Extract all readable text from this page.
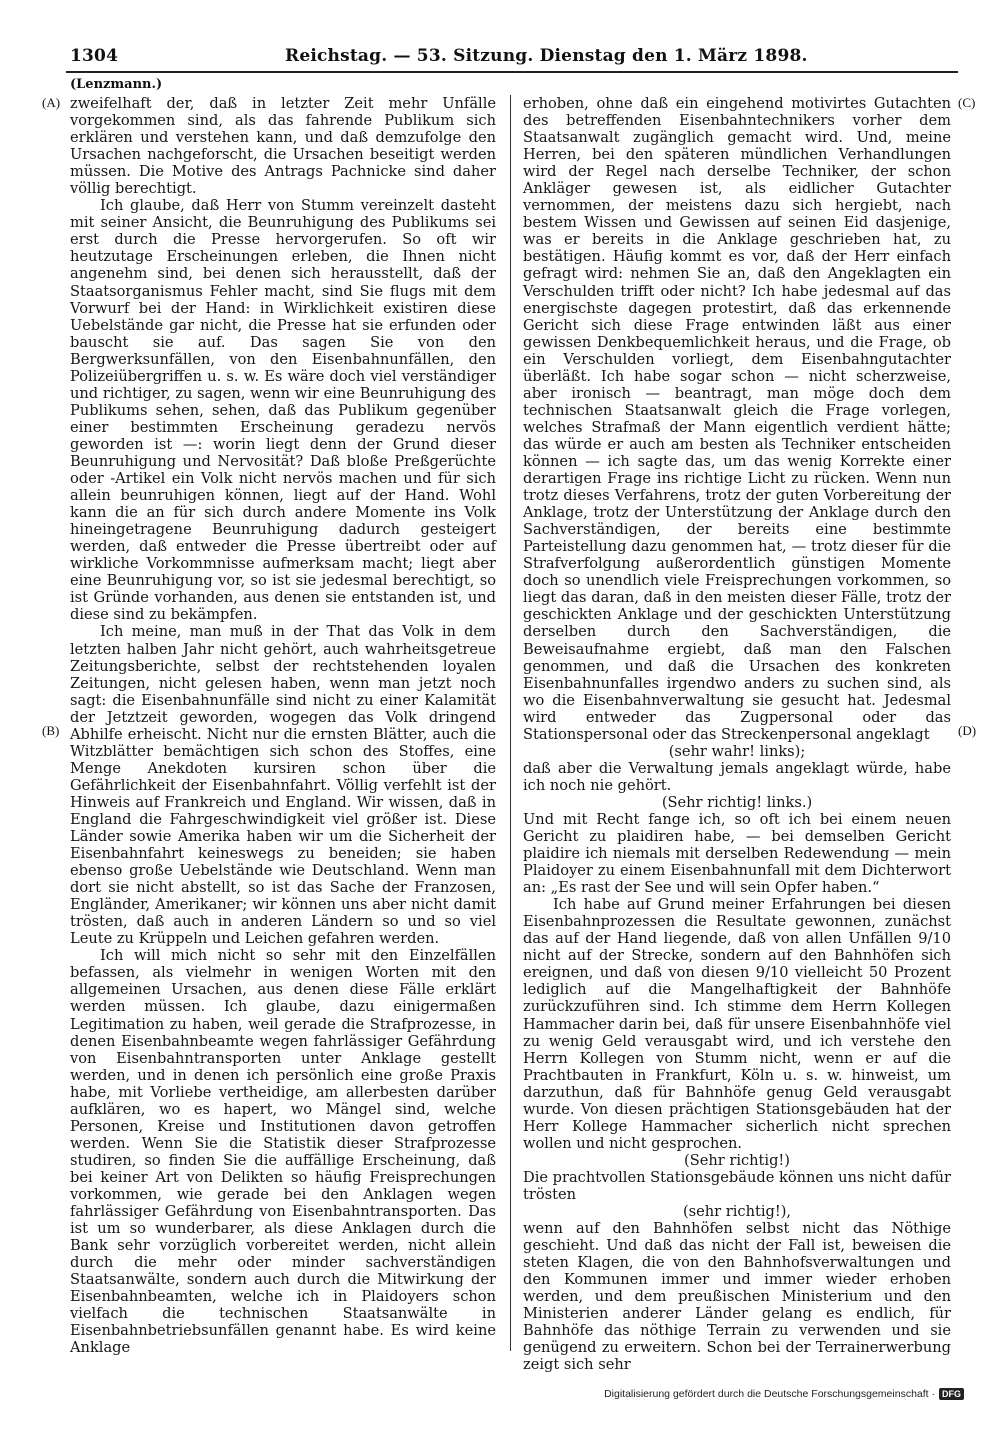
1304	Reichstag. — 53. Sitzung. Dienstag den 1. März 1898.
(Lenzmann.)
(A)
(B)
(C)
(D)

zweifelhaft der, daß in letzter Zeit mehr Unfälle vorgekommen sind, als das fahrende Publikum sich erklären und verstehen kann, und daß demzufolge den Ursachen nachgeforscht, die Ursachen beseitigt werden müssen. Die Motive des Antrags Pachnicke sind daher völlig berechtigt.

Ich glaube, daß Herr von Stumm vereinzelt dasteht mit seiner Ansicht, die Beunruhigung des Publikums sei erst durch die Presse hervorgerufen. So oft wir heutzutage Erscheinungen erleben, die Ihnen nicht angenehm sind, bei denen sich herausstellt, daß der Staatsorganismus Fehler macht, sind Sie flugs mit dem Vorwurf bei der Hand: in Wirklichkeit existiren diese Uebelstände gar nicht, die Presse hat sie erfunden oder bauscht sie auf. Das sagen Sie von den Bergwerksunfällen, von den Eisenbahnunfällen, den Polizeiübergriffen u. s. w. Es wäre doch viel verständiger und richtiger, zu sagen, wenn wir eine Beunruhigung des Publikums sehen, sehen, daß das Publikum gegenüber einer bestimmten Erscheinung geradezu nervös geworden ist —: worin liegt denn der Grund dieser Beunruhigung und Nervosität? Daß bloße Preßgerüchte oder -Artikel ein Volk nicht nervös machen und für sich allein beunruhigen können, liegt auf der Hand. Wohl kann die an für sich durch andere Momente ins Volk hineingetragene Beunruhigung dadurch gesteigert werden, daß entweder die Presse übertreibt oder auf wirkliche Vorkommnisse aufmerksam macht; liegt aber eine Beunruhigung vor, so ist sie jedesmal berechtigt, so ist Gründe vorhanden, aus denen sie entstanden ist, und diese sind zu bekämpfen.

Ich meine, man muß in der That das Volk in dem letzten halben Jahr nicht gehört, auch wahrheitsgetreue Zeitungsberichte, selbst der rechtstehenden loyalen Zeitungen, nicht gelesen haben, wenn man jetzt noch sagt: die Eisenbahnunfälle sind nicht zu einer Kalamität der Jetztzeit geworden, wogegen das Volk dringend Abhilfe erheischt. Nicht nur die ernsten Blätter, auch die Witzblätter bemächtigen sich schon des Stoffes, eine Menge Anekdoten kursiren schon über die Gefährlichkeit der Eisenbahnfahrt. Völlig verfehlt ist der Hinweis auf Frankreich und England. Wir wissen, daß in England die Fahrgeschwindigkeit viel größer ist. Diese Länder sowie Amerika haben wir um die Sicherheit der Eisenbahnfahrt keineswegs zu beneiden; sie haben ebenso große Uebelstände wie Deutschland. Wenn man dort sie nicht abstellt, so ist das Sache der Franzosen, Engländer, Amerikaner; wir können uns aber nicht damit trösten, daß auch in anderen Ländern so und so viel Leute zu Krüppeln und Leichen gefahren werden.

Ich will mich nicht so sehr mit den Einzelfällen befassen, als vielmehr in wenigen Worten mit den allgemeinen Ursachen, aus denen diese Fälle erklärt werden müssen. Ich glaube, dazu einigermaßen Legitimation zu haben, weil gerade die Strafprozesse, in denen Eisenbahnbeamte wegen fahrlässiger Gefährdung von Eisenbahntransporten unter Anklage gestellt werden, und in denen ich persönlich eine große Praxis habe, mit Vorliebe vertheidige, am allerbesten darüber aufklären, wo es hapert, wo Mängel sind, welche Personen, Kreise und Institutionen davon getroffen werden. Wenn Sie die Statistik dieser Strafprozesse studiren, so finden Sie die auffällige Erscheinung, daß bei keiner Art von Delikten so häufig Freisprechungen vorkommen, wie gerade bei den Anklagen wegen fahrlässiger Gefährdung von Eisenbahntransporten. Das ist um so wunderbarer, als diese Anklagen durch die Bank sehr vorzüglich vorbereitet werden, nicht allein durch die mehr oder minder sachverständigen Staatsanwälte, sondern auch durch die Mitwirkung der Eisenbahnbeamten, welche ich in Plaidoyers schon vielfach die technischen Staatsanwälte in Eisenbahnbetriebsunfällen genannt habe. Es wird keine Anklage

erhoben, ohne daß ein eingehend motivirtes Gutachten des betreffenden Eisenbahntechnikers vorher dem Staatsanwalt zugänglich gemacht wird. Und, meine Herren, bei den späteren mündlichen Verhandlungen wird der Regel nach derselbe Techniker, der schon Ankläger gewesen ist, als eidlicher Gutachter vernommen, der meistens dazu sich hergiebt, nach bestem Wissen und Gewissen auf seinen Eid dasjenige, was er bereits in die Anklage geschrieben hat, zu bestätigen. Häufig kommt es vor, daß der Herr einfach gefragt wird: nehmen Sie an, daß den Angeklagten ein Verschulden trifft oder nicht? Ich habe jedesmal auf das energischste dagegen protestirt, daß das erkennende Gericht sich diese Frage entwinden läßt aus einer gewissen Denkbequemlichkeit heraus, und die Frage, ob ein Verschulden vorliegt, dem Eisenbahngutachter überläßt. Ich habe sogar schon — nicht scherzweise, aber ironisch — beantragt, man möge doch dem technischen Staatsanwalt gleich die Frage vorlegen, welches Strafmaß der Mann eigentlich verdient hätte; das würde er auch am besten als Techniker entscheiden können — ich sagte das, um das wenig Korrekte einer derartigen Frage ins richtige Licht zu rücken. Wenn nun trotz dieses Verfahrens, trotz der guten Vorbereitung der Anklage, trotz der Unterstützung der Anklage durch den Sachverständigen, der bereits eine bestimmte Parteistellung dazu genommen hat, — trotz dieser für die Strafverfolgung außerordentlich günstigen Momente doch so unendlich viele Freisprechungen vorkommen, so liegt das daran, daß in den meisten dieser Fälle, trotz der geschickten Anklage und der geschickten Unterstützung derselben durch den Sachverständigen, die Beweisaufnahme ergiebt, daß man den Falschen genommen, und daß die Ursachen des konkreten Eisenbahnunfalles irgendwo anders zu suchen sind, als wo die Eisenbahnverwaltung sie gesucht hat. Jedesmal wird entweder das Zugpersonal oder das Stationspersonal oder das Streckenpersonal angeklagt

(sehr wahr! links);

daß aber die Verwaltung jemals angeklagt würde, habe ich noch nie gehört.

(Sehr richtig! links.)

Und mit Recht fange ich, so oft ich bei einem neuen Gericht zu plaidiren habe, — bei demselben Gericht plaidire ich niemals mit derselben Redewendung — mein Plaidoyer zu einem Eisenbahnunfall mit dem Dichterwort an: „Es rast der See und will sein Opfer haben.“

Ich habe auf Grund meiner Erfahrungen bei diesen Eisenbahnprozessen die Resultate gewonnen, zunächst das auf der Hand liegende, daß von allen Unfällen 9/10 nicht auf der Strecke, sondern auf den Bahnhöfen sich ereignen, und daß von diesen 9/10 vielleicht 50 Prozent lediglich auf die Mangelhaftigkeit der Bahnhöfe zurückzuführen sind. Ich stimme dem Herrn Kollegen Hammacher darin bei, daß für unsere Eisenbahnhöfe viel zu wenig Geld verausgabt wird, und ich verstehe den Herrn Kollegen von Stumm nicht, wenn er auf die Prachtbauten in Frankfurt, Köln u. s. w. hinweist, um darzuthun, daß für Bahnhöfe genug Geld verausgabt wurde. Von diesen prächtigen Stationsgebäuden hat der Herr Kollege Hammacher sicherlich nicht sprechen wollen und nicht gesprochen.

(Sehr richtig!)

Die prachtvollen Stationsgebäude können uns nicht dafür trösten

(sehr richtig!),

wenn auf den Bahnhöfen selbst nicht das Nöthige geschieht. Und daß das nicht der Fall ist, beweisen die steten Klagen, die von den Bahnhofsverwaltungen und den Kommunen immer und immer wieder erhoben werden, und dem preußischen Ministerium und den Ministerien anderer Länder gelang es endlich, für Bahnhöfe das nöthige Terrain zu verwenden und sie genügend zu erweitern. Schon bei der Terrainerwerbung zeigt sich sehr

Digitalisierung gefördert durch die Deutsche Forschungsgemeinschaft · DFG
